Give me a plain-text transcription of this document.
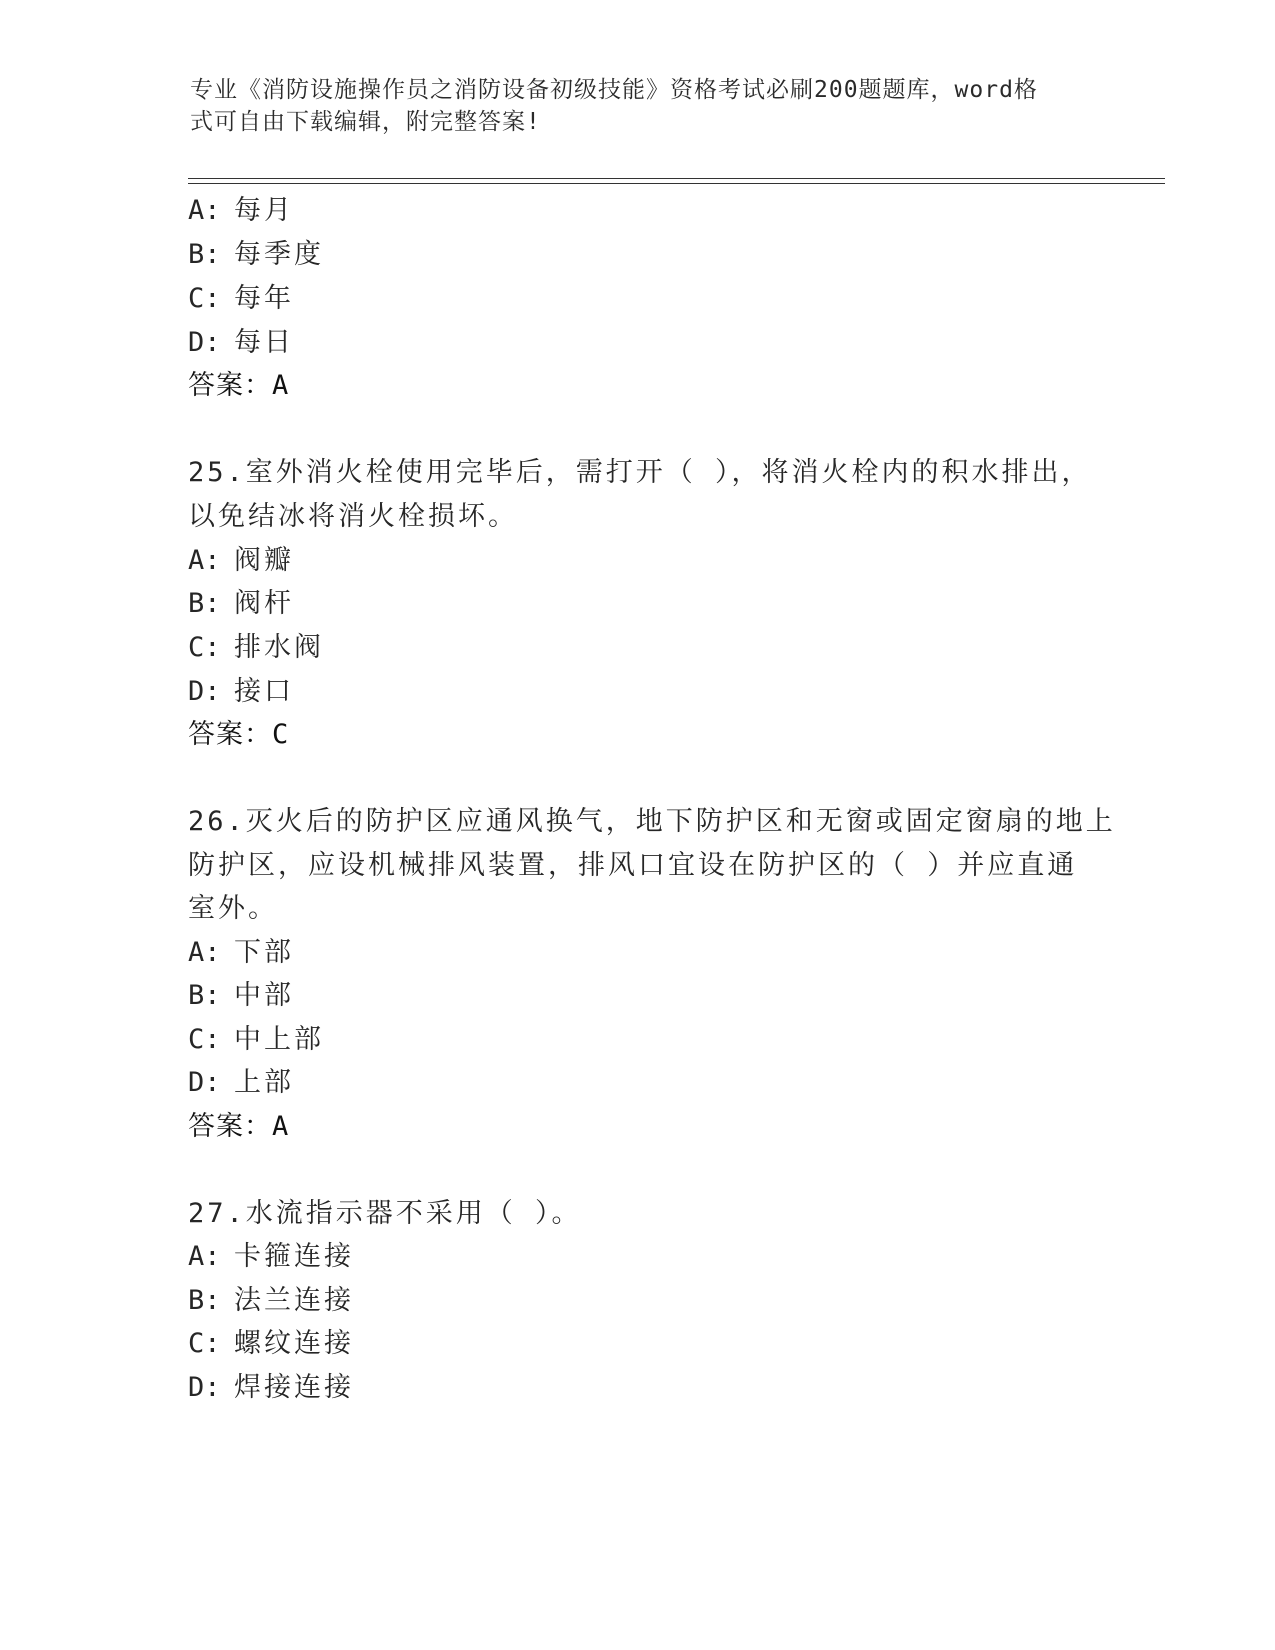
专业《消防设施操作员之消防设备初级技能》资格考试必刷200题题库，word格
式可自由下载编辑，附完整答案!
A: 每月
B: 每季度
C: 每年
D: 每日
答案：A
25.室外消火栓使用完毕后，需打开（ ），将消火栓内的积水排出，
以免结冰将消火栓损坏。
A: 阀瓣
B: 阀杆
C: 排水阀
D: 接口
答案：C
26.灭火后的防护区应通风换气，地下防护区和无窗或固定窗扇的地上
防护区，应设机械排风装置，排风口宜设在防护区的（ ）并应直通
室外。
A: 下部
B: 中部
C: 中上部
D: 上部
答案：A
27.水流指示器不采用（ ）。
A: 卡箍连接
B: 法兰连接
C: 螺纹连接
D: 焊接连接
